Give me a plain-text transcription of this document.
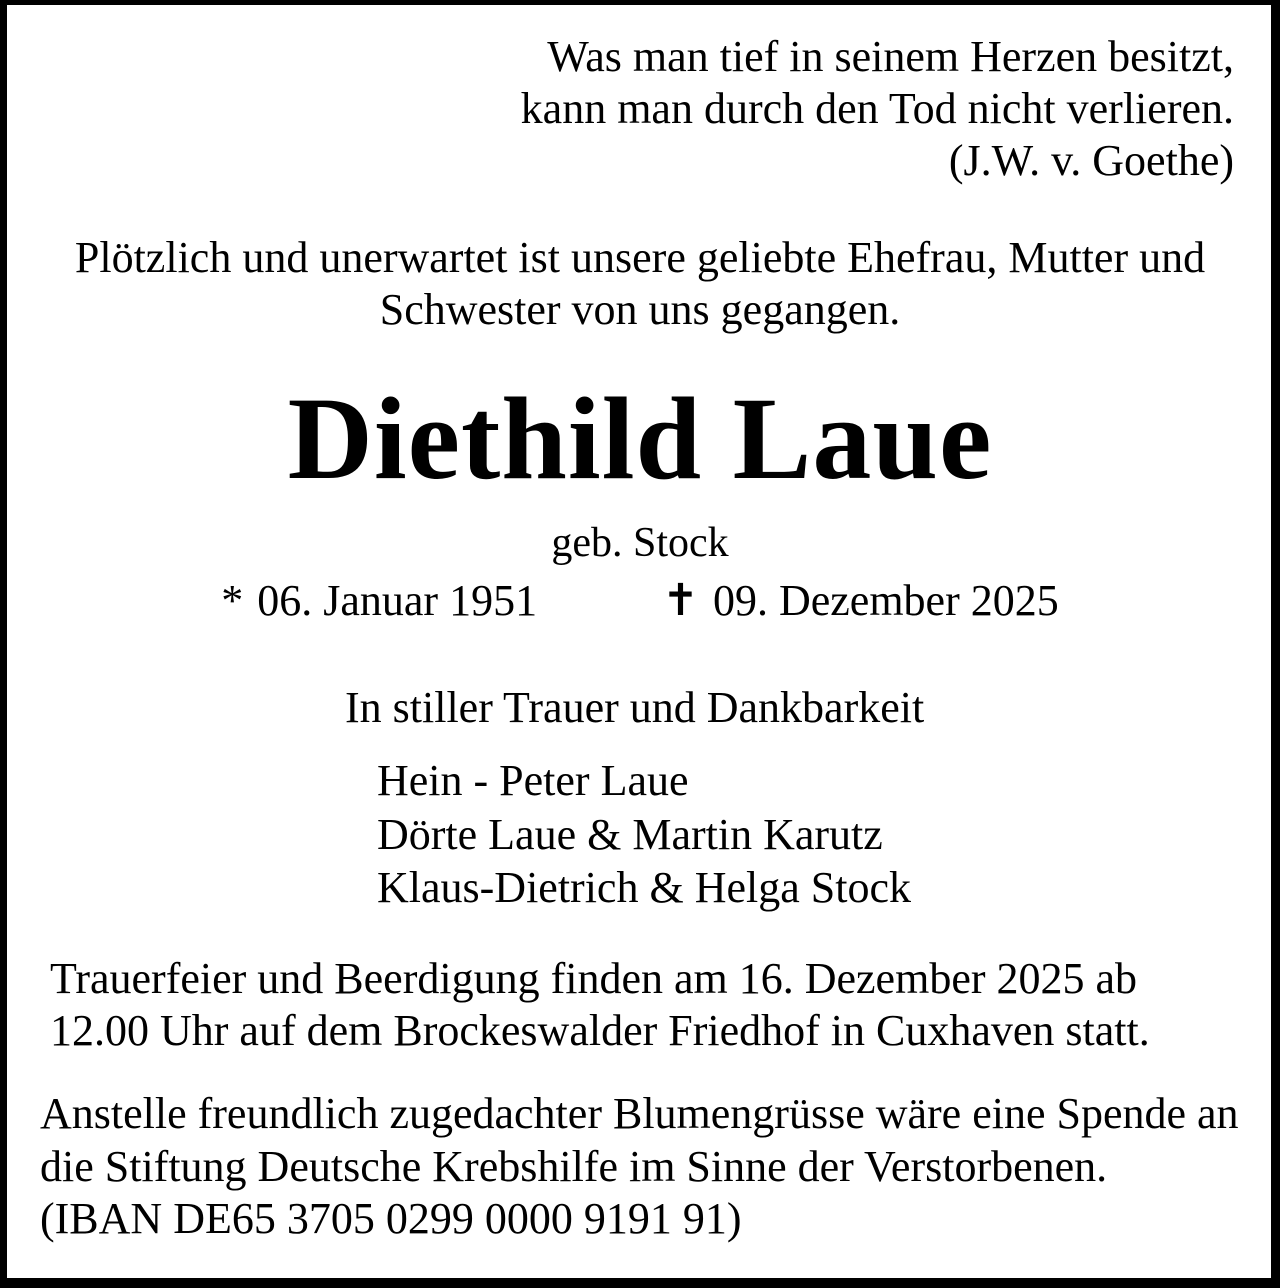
Was man tief in seinem Herzen besitzt,
kann man durch den Tod nicht verlieren.
(J.W. v. Goethe)
Plötzlich und unerwartet ist unsere geliebte Ehefrau, Mutter und
Schwester von uns gegangen.
Diethild Laue
geb. Stock
* 06. Januar 1951	✝ 09. Dezember 2025
In stiller Trauer und Dankbarkeit
Hein - Peter Laue
Dörte Laue & Martin Karutz
Klaus-Dietrich & Helga Stock
Trauerfeier und Beerdigung finden am 16. Dezember 2025 ab
12.00 Uhr auf dem Brockeswalder Friedhof in Cuxhaven statt.
Anstelle freundlich zugedachter Blumengrüsse wäre eine Spende an
die Stiftung Deutsche Krebshilfe im Sinne der Verstorbenen.
(IBAN DE65 3705 0299 0000 9191 91)
